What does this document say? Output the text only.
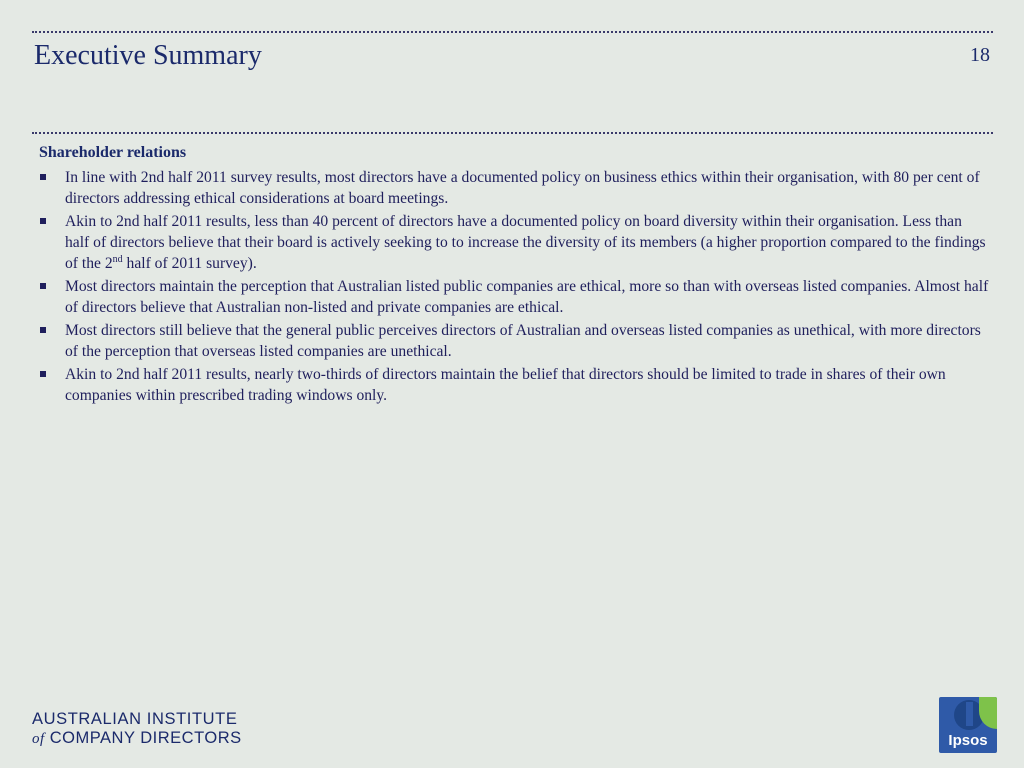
Executive Summary	18
Shareholder relations
In line with 2nd half 2011 survey results, most directors have a documented policy on business ethics within their organisation, with 80 per cent of directors addressing ethical considerations at board meetings.
Akin to 2nd half 2011 results, less than 40 percent of directors have a documented policy on board diversity within their organisation. Less than half of directors believe that their board is actively seeking to to increase the diversity of its members (a higher proportion compared to the findings of the 2nd half of 2011 survey).
Most directors maintain the perception that Australian listed public companies are ethical, more so than with overseas listed companies. Almost half of directors believe that Australian non-listed and private companies are ethical.
Most directors still believe that the general public perceives directors of Australian and overseas listed companies as unethical, with more directors of the perception that overseas listed companies are unethical.
Akin to 2nd half 2011 results, nearly two-thirds of directors maintain the belief that directors should be limited to trade in shares of their own companies within prescribed trading windows only.
AUSTRALIAN INSTITUTE
of COMPANY DIRECTORS	Ipsos
